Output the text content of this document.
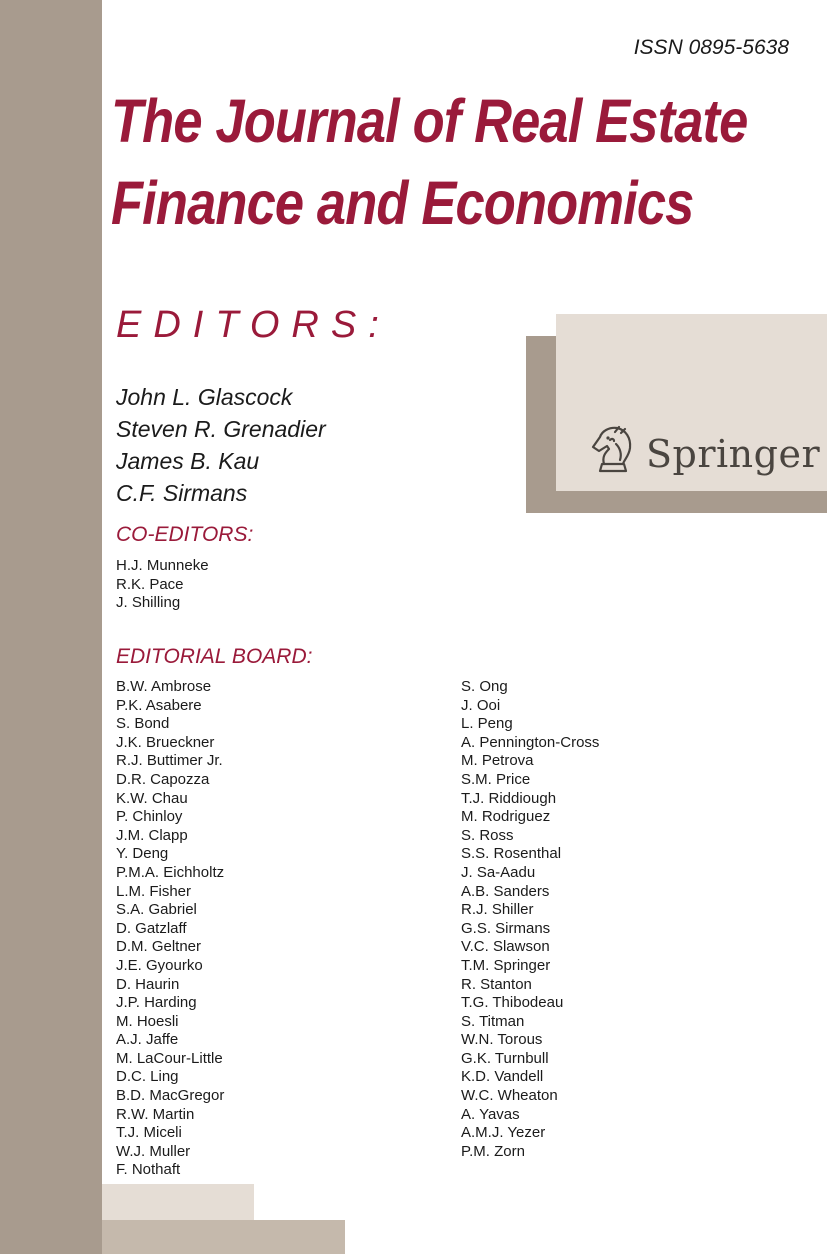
ISSN 0895-5638
The Journal of Real Estate
Finance and Economics
EDITORS:
John L. Glascock
Steven R. Grenadier
James B. Kau
C.F. Sirmans
Springer
CO-EDITORS:
H.J. Munneke
R.K. Pace
J. Shilling
EDITORIAL BOARD:
B.W. Ambrose
P.K. Asabere
S. Bond
J.K. Brueckner
R.J. Buttimer Jr.
D.R. Capozza
K.W. Chau
P. Chinloy
J.M. Clapp
Y. Deng
P.M.A. Eichholtz
L.M. Fisher
S.A. Gabriel
D. Gatzlaff
D.M. Geltner
J.E. Gyourko
D. Haurin
J.P. Harding
M. Hoesli
A.J. Jaffe
M. LaCour-Little
D.C. Ling
B.D. MacGregor
R.W. Martin
T.J. Miceli
W.J. Muller
F. Nothaft
S. Ong
J. Ooi
L. Peng
A. Pennington-Cross
M. Petrova
S.M. Price
T.J. Riddiough
M. Rodriguez
S. Ross
S.S. Rosenthal
J. Sa-Aadu
A.B. Sanders
R.J. Shiller
G.S. Sirmans
V.C. Slawson
T.M. Springer
R. Stanton
T.G. Thibodeau
S. Titman
W.N. Torous
G.K. Turnbull
K.D. Vandell
W.C. Wheaton
A. Yavas
A.M.J. Yezer
P.M. Zorn
